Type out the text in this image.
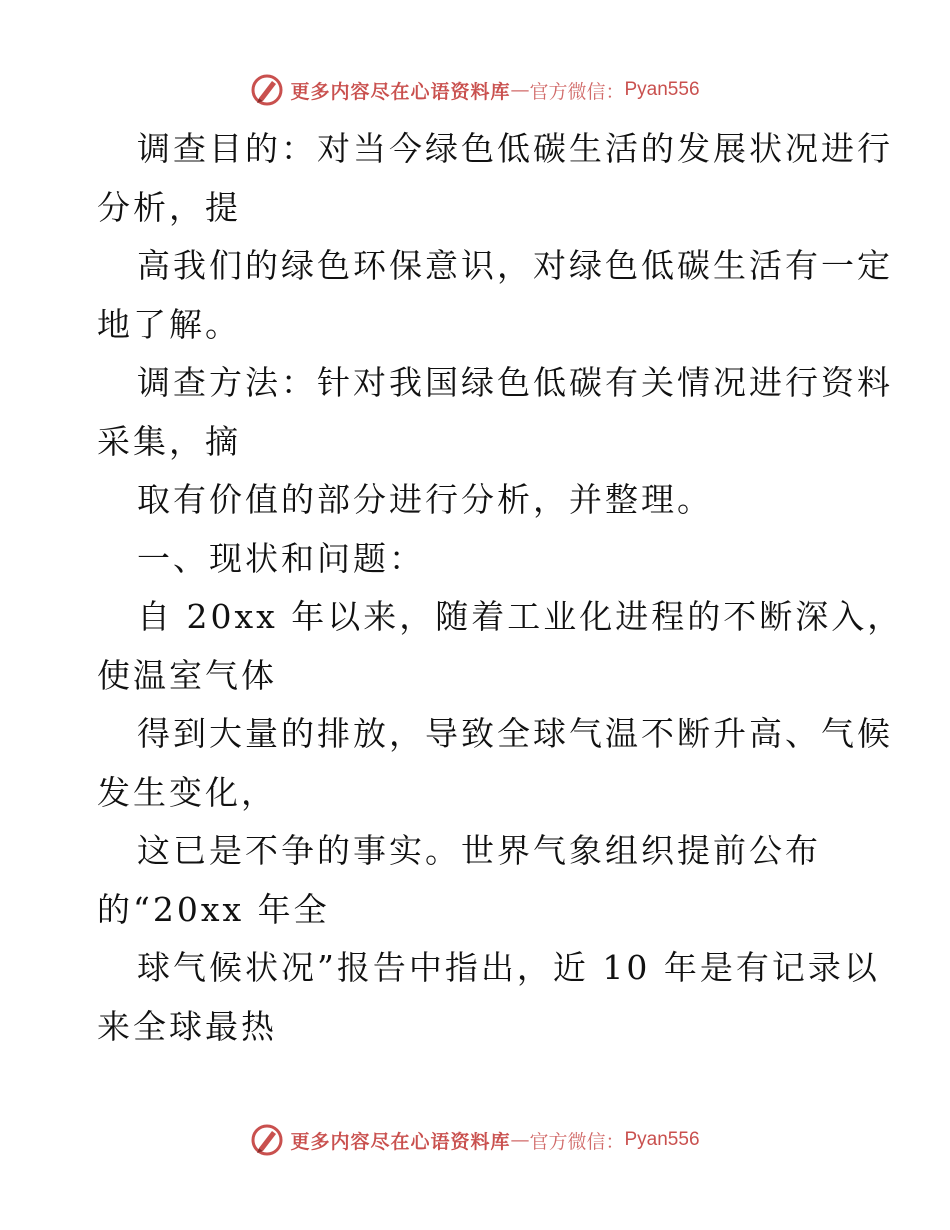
更多内容尽在心语资料库 — 官方微信： Pyan556
调查目的：对当今绿色低碳生活的发展状况进行
分析，提
高我们的绿色环保意识，对绿色低碳生活有一定
地了解。
调查方法：针对我国绿色低碳有关情况进行资料
采集，摘
取有价值的部分进行分析，并整理。
一、现状和问题：
自 20xx 年以来，随着工业化进程的不断深入，
使温室气体
得到大量的排放，导致全球气温不断升高、气候
发生变化，
这已是不争的事实。世界气象组织提前公布
的“20xx 年全
球气候状况”报告中指出，近 10 年是有记录以
来全球最热
更多内容尽在心语资料库 — 官方微信： Pyan556
